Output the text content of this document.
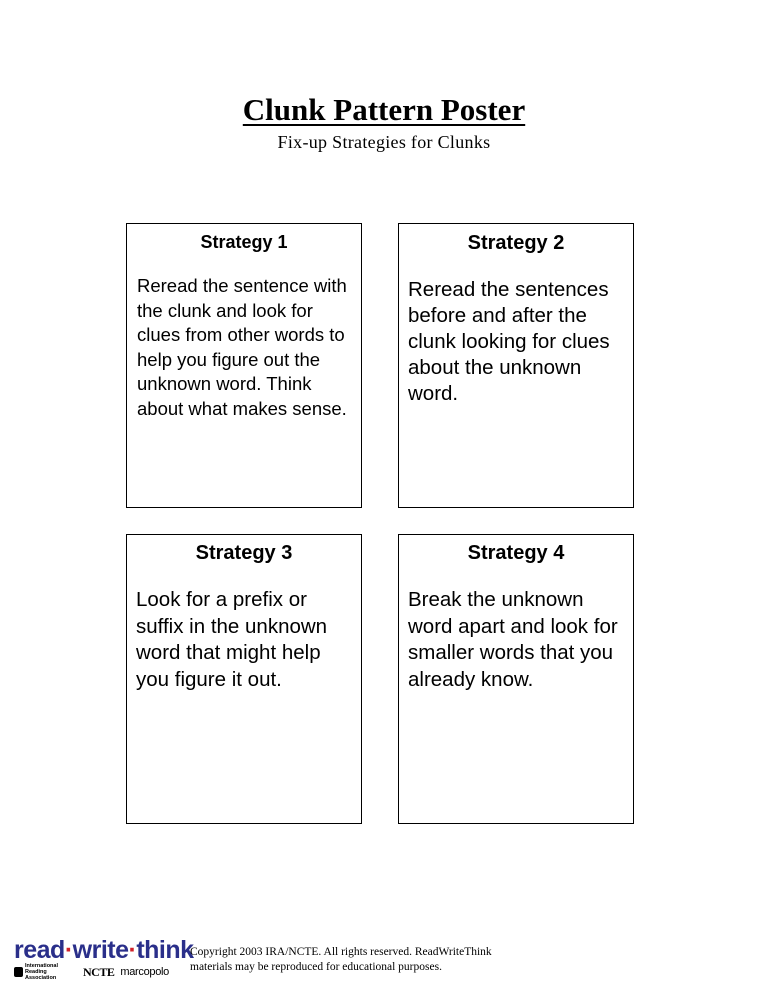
Clunk Pattern Poster
Fix-up Strategies for Clunks
Strategy 1
Reread the sentence with the clunk and look for clues from other words to help you figure out the unknown word. Think about what makes sense.
Strategy 2
Reread the sentences before and after the clunk looking for clues about the unknown word.
Strategy 3
Look for a prefix or suffix in the unknown word that might help you figure it out.
Strategy 4
Break the unknown word apart and look for smaller words that you already know.
read·write·think
International Reading Association	NCTE marcopolo
Copyright 2003 IRA/NCTE. All rights reserved. ReadWriteThink
materials may be reproduced for educational purposes.
